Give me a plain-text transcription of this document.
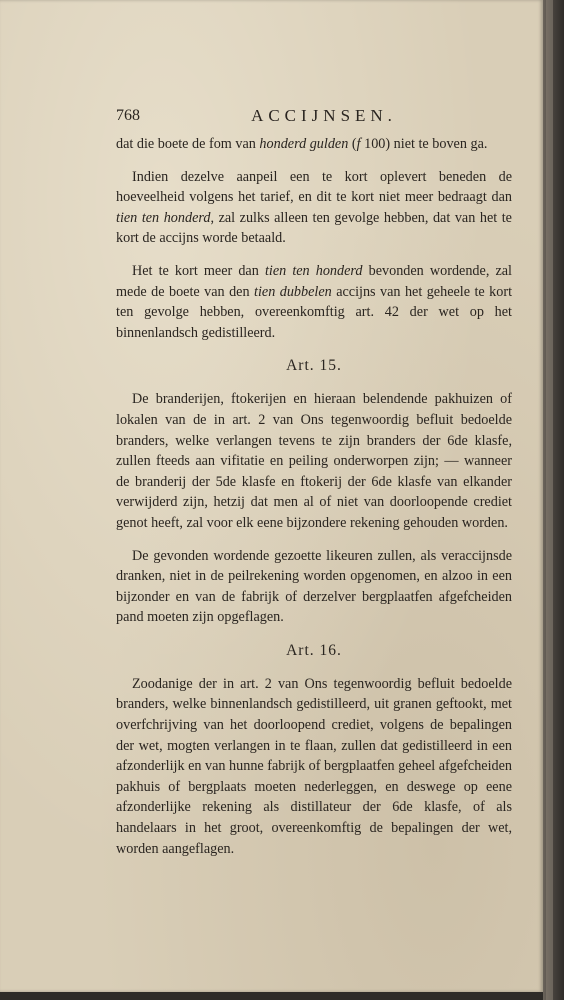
768	ACCIJNSEN.

dat die boete de fom van honderd gulden (f 100) niet te boven ga.

Indien dezelve aanpeil een te kort oplevert beneden de hoeveelheid volgens het tarief, en dit te kort niet meer bedraagt dan tien ten honderd, zal zulks alleen ten gevolge hebben, dat van het te kort de accijns worde betaald.

Het te kort meer dan tien ten honderd bevonden wordende, zal mede de boete van den tien dubbelen accijns van het geheele te kort ten gevolge hebben, overeenkomftig art. 42 der wet op het binnenlandsch gedistilleerd.

Art. 15.

De branderijen, ftokerijen en hieraan belendende pakhuizen of lokalen van de in art. 2 van Ons tegenwoordig befluit bedoelde branders, welke verlangen tevens te zijn branders der 6de klasfe, zullen fteeds aan vifitatie en peiling onderworpen zijn; — wanneer de branderij der 5de klasfe en ftokerij der 6de klasfe van elkander verwijderd zijn, hetzij dat men al of niet van doorloopende crediet genot heeft, zal voor elk eene bijzondere rekening gehouden worden.

De gevonden wordende gezoette likeuren zullen, als veraccijnsde dranken, niet in de peilrekening worden opgenomen, en alzoo in een bijzonder en van de fabrijk of derzelver bergplaatfen afgefcheiden pand moeten zijn opgeflagen.

Art. 16.

Zoodanige der in art. 2 van Ons tegenwoordig befluit bedoelde branders, welke binnenlandsch gedistilleerd, uit granen geftookt, met overfchrijving van het doorloopend crediet, volgens de bepalingen der wet, mogten verlangen in te flaan, zullen dat gedistilleerd in een afzonderlijk en van hunne fabrijk of bergplaatfen geheel afgefcheiden pakhuis of bergplaats moeten nederleggen, en deswege op eene afzonderlijke rekening als distillateur der 6de klasfe, of als handelaars in het groot, overeenkomftig de bepalingen der wet, worden aangeflagen.
